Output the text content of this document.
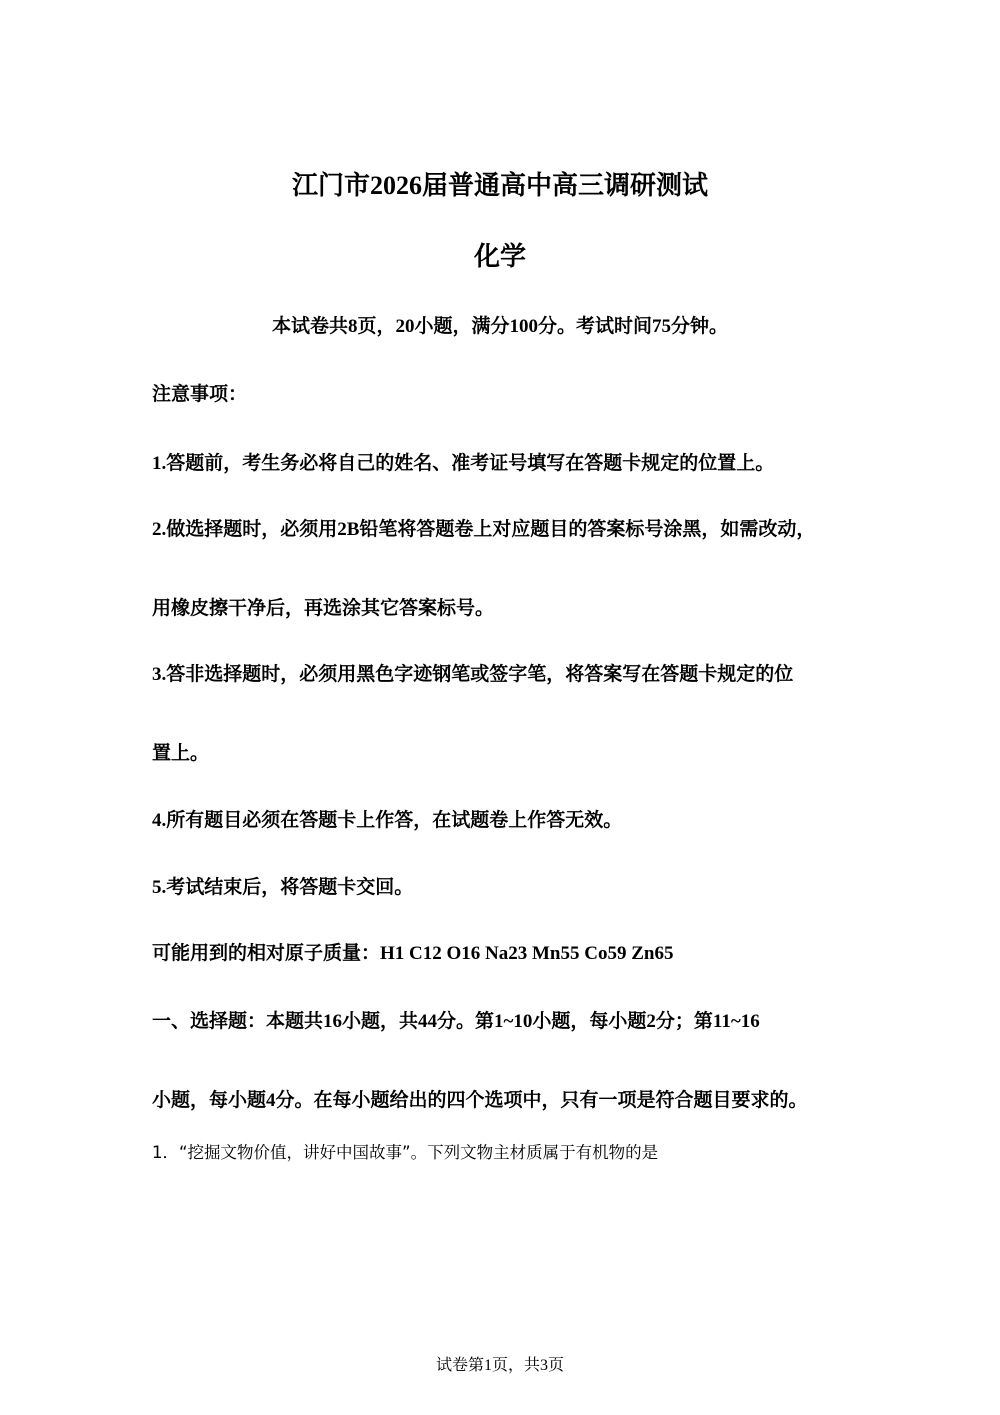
江门市2026届普通高中高三调研测试
化学
本试卷共8页，20小题，满分100分。考试时间75分钟。
注意事项：
1.答题前，考生务必将自己的姓名、准考证号填写在答题卡规定的位置上。
2.做选择题时，必须用2B铅笔将答题卷上对应题目的答案标号涂黑，如需改动，
用橡皮擦干净后，再选涂其它答案标号。
3.答非选择题时，必须用黑色字迹钢笔或签字笔，将答案写在答题卡规定的位
置上。
4.所有题目必须在答题卡上作答，在试题卷上作答无效。
5.考试结束后，将答题卡交回。
可能用到的相对原子质量：H1 C12 O16 Na23 Mn55 Co59 Zn65
一、选择题：本题共16小题，共44分。第1~10小题，每小题2分；第11~16
小题，每小题4分。在每小题给出的四个选项中，只有一项是符合题目要求的。
1．“挖掘文物价值，讲好中国故事”。下列文物主材质属于有机物的是
试卷第1页，共3页
